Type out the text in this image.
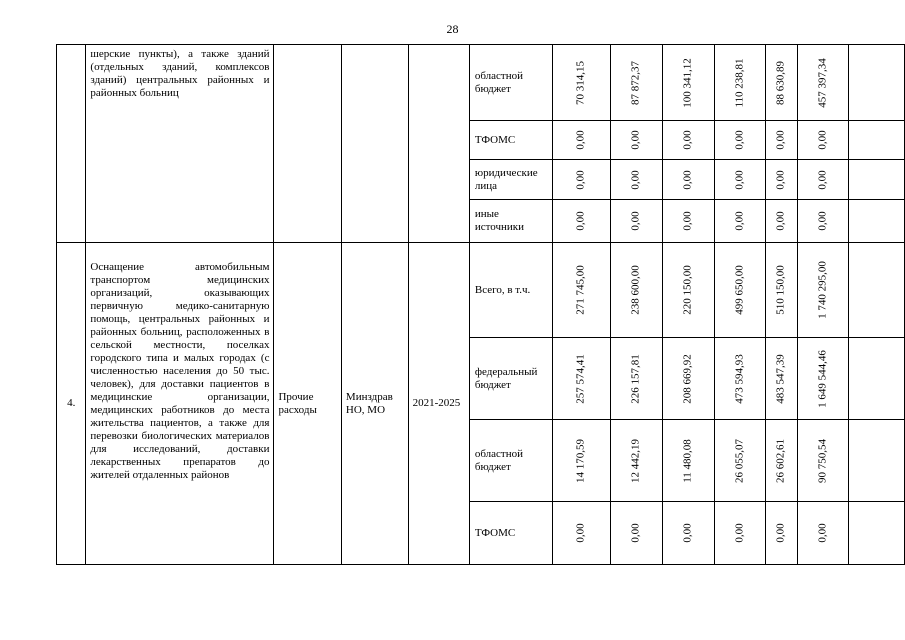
28
	шерские пункты), а также зданий (отдельных зданий, комплексов зданий) центральных районных и районных больниц				областной бюджет	70 314,15	87 872,37	100 341,12	110 238,81	88 630,89	457 397,34	

					ТФОМС	0,00	0,00	0,00	0,00	0,00	0,00	

					юридические лица	0,00	0,00	0,00	0,00	0,00	0,00	

					иные источники	0,00	0,00	0,00	0,00	0,00	0,00	

4.	Оснащение автомобильным транспортом медицинских организаций, оказывающих первичную медико-санитарную помощь, центральных районных и районных больниц, расположенных в сельской местности, поселках городского типа и малых городах (с численностью населения до 50 тыс. человек), для доставки пациентов в медицинские организации, медицинских работников до места жительства пациентов, а также для перевозки биологических материалов для исследований, доставки лекарственных препаратов до жителей отдаленных районов	Прочие расходы	Минздрав НО, МО	2021-2025	Всего, в т.ч.	271 745,00	238 600,00	220 150,00	499 650,00	510 150,00	1 740 295,00	

					федеральный бюджет	257 574,41	226 157,81	208 669,92	473 594,93	483 547,39	1 649 544,46	

					областной бюджет	14 170,59	12 442,19	11 480,08	26 055,07	26 602,61	90 750,54	

					ТФОМС	0,00	0,00	0,00	0,00	0,00	0,00	
